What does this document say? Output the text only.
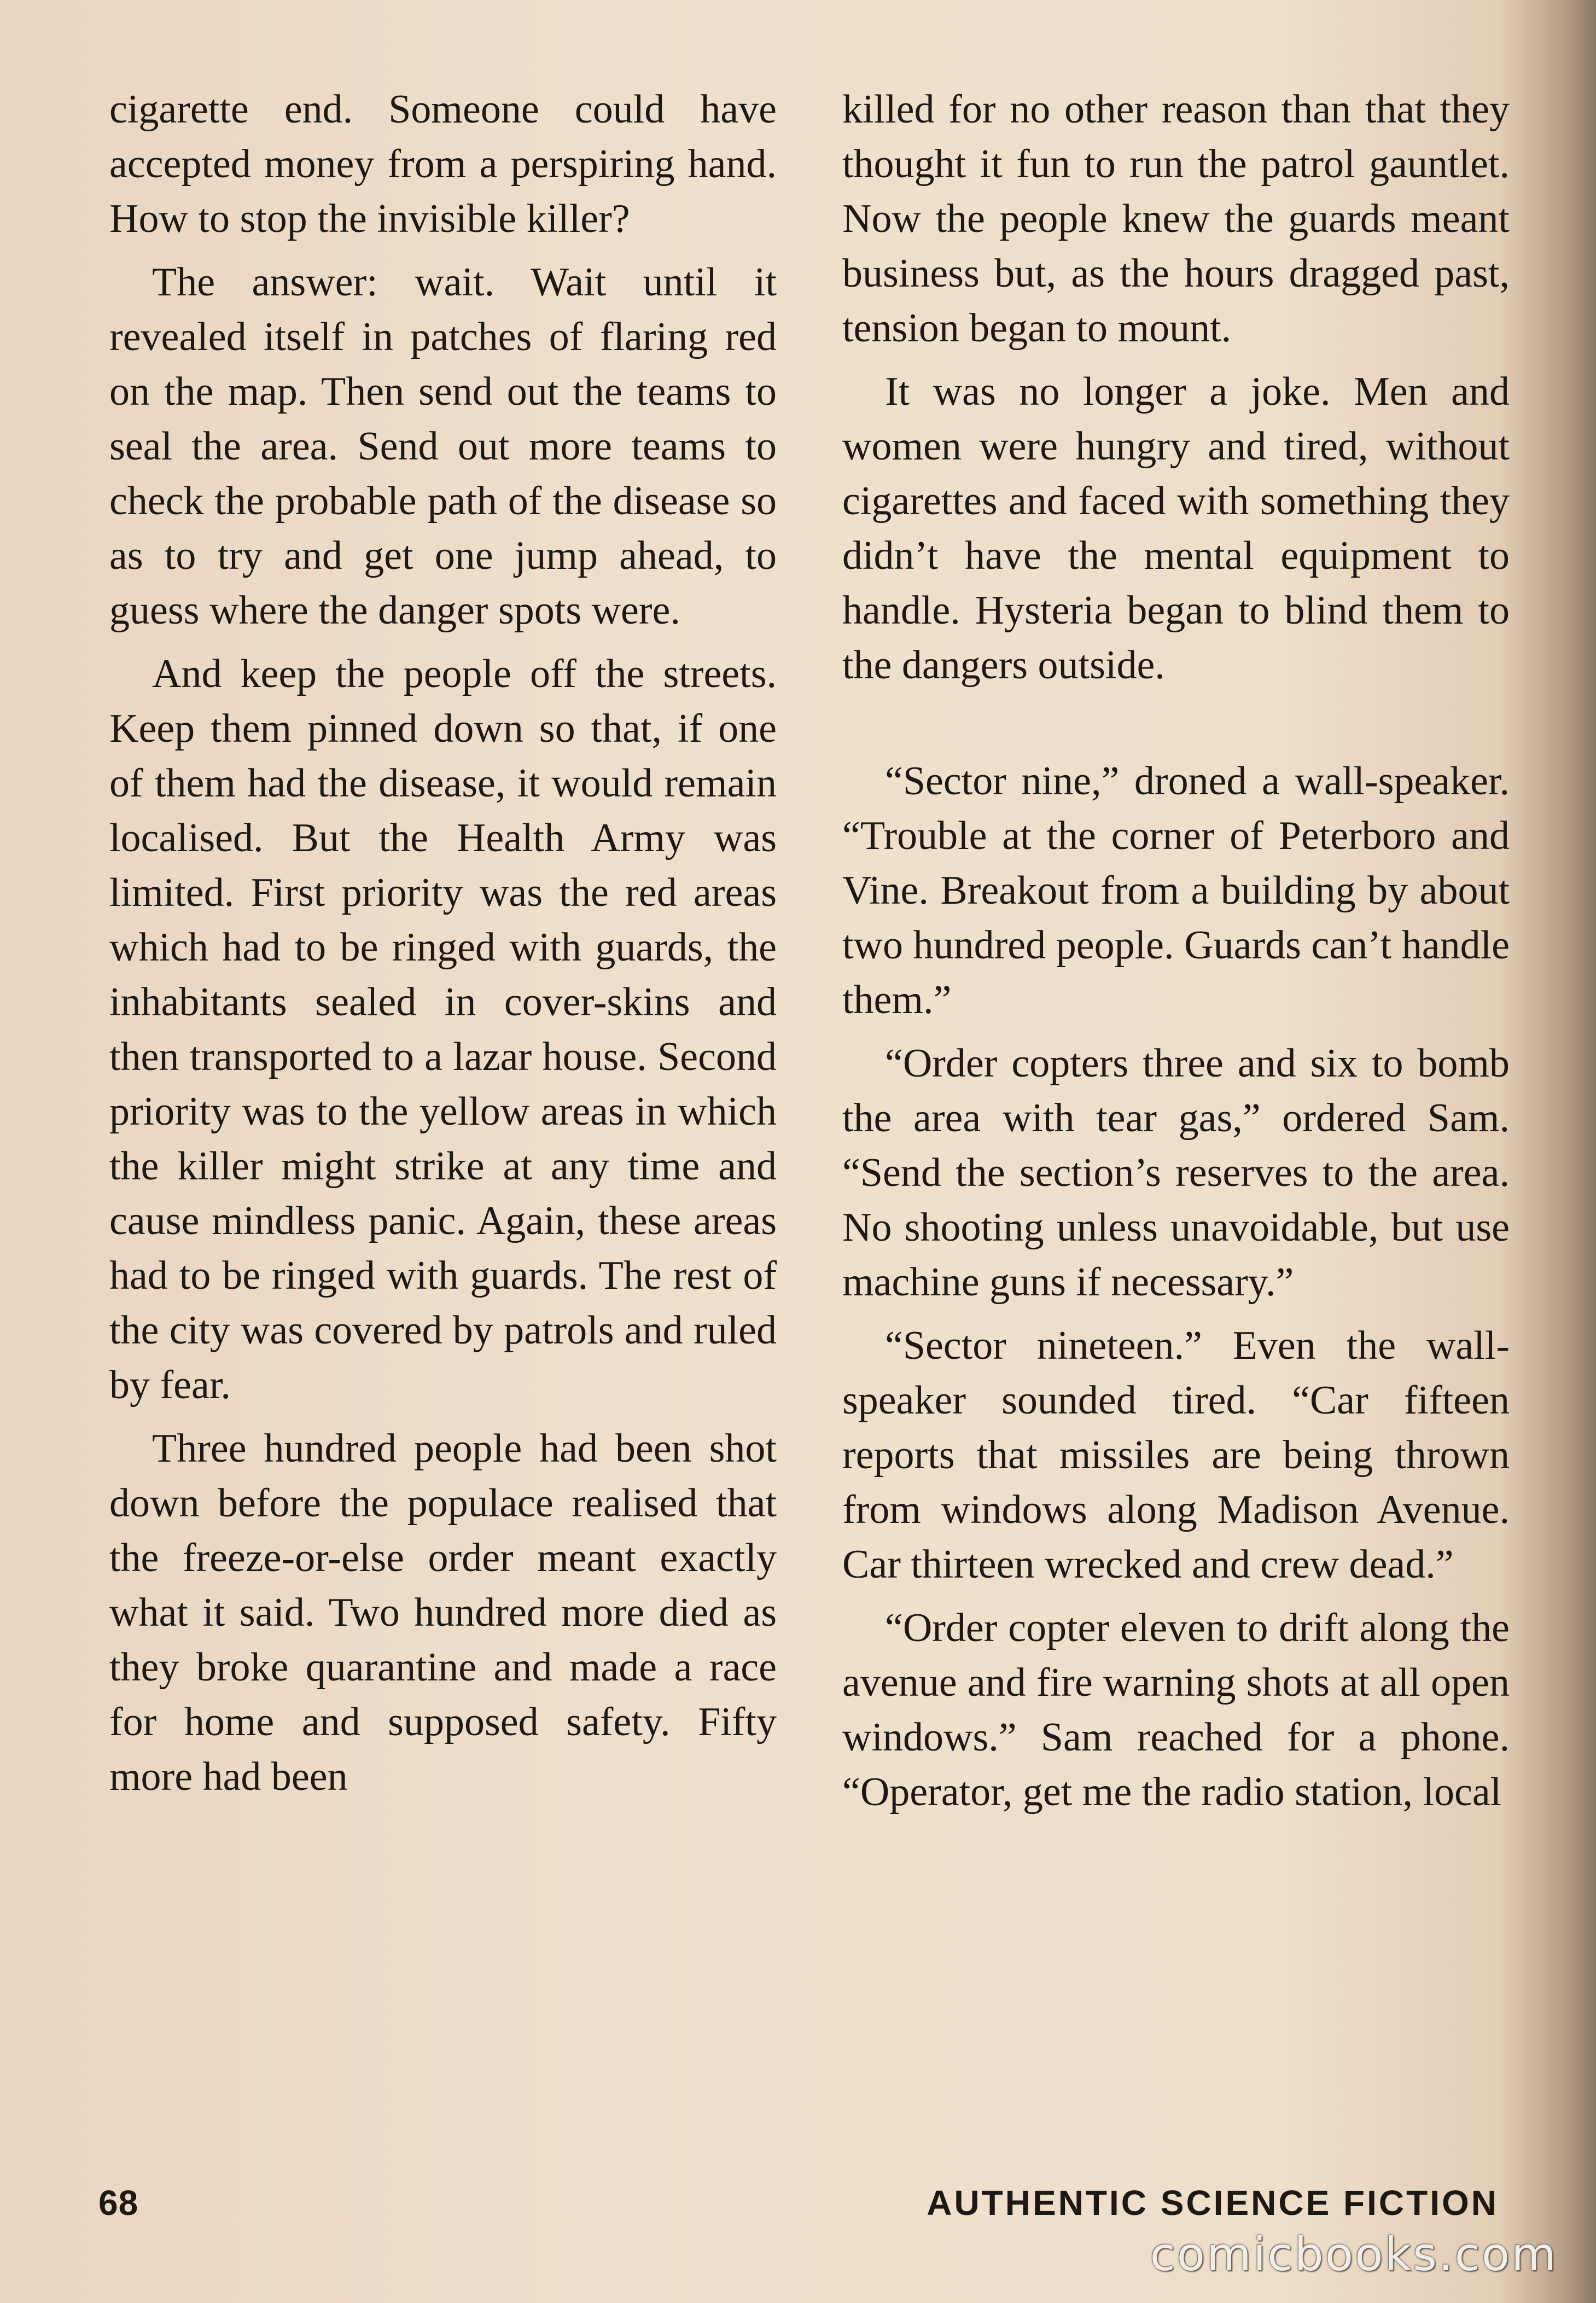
cigarette end. Someone could have accepted money from a perspiring hand. How to stop the invisible killer?

The answer: wait. Wait until it revealed itself in patches of flaring red on the map. Then send out the teams to seal the area. Send out more teams to check the probable path of the disease so as to try and get one jump ahead, to guess where the danger spots were.

And keep the people off the streets. Keep them pinned down so that, if one of them had the disease, it would remain localised. But the Health Army was limited. First priority was the red areas which had to be ringed with guards, the inhabitants sealed in cover-skins and then transported to a lazar house. Second priority was to the yellow areas in which the killer might strike at any time and cause mindless panic. Again, these areas had to be ringed with guards. The rest of the city was covered by patrols and ruled by fear.

Three hundred people had been shot down before the populace realised that the freeze-or-else order meant exactly what it said. Two hundred more died as they broke quarantine and made a race for home and supposed safety. Fifty more had been

killed for no other reason than that they thought it fun to run the patrol gauntlet. Now the people knew the guards meant business but, as the hours dragged past, tension began to mount.

It was no longer a joke. Men and women were hungry and tired, without cigarettes and faced with something they didn’t have the mental equipment to handle. Hysteria began to blind them to the dangers outside.

“Sector nine,” droned a wall-speaker. “Trouble at the corner of Peterboro and Vine. Breakout from a building by about two hundred people. Guards can’t handle them.”

“Order copters three and six to bomb the area with tear gas,” ordered Sam. “Send the section’s reserves to the area. No shooting unless unavoidable, but use machine guns if necessary.”

“Sector nineteen.” Even the wall-speaker sounded tired. “Car fifteen reports that missiles are being thrown from windows along Madison Avenue. Car thirteen wrecked and crew dead.”

“Order copter eleven to drift along the avenue and fire warning shots at all open windows.” Sam reached for a phone. “Operator, get me the radio station, local

68	AUTHENTIC SCIENCE FICTION
comicbooks.com
